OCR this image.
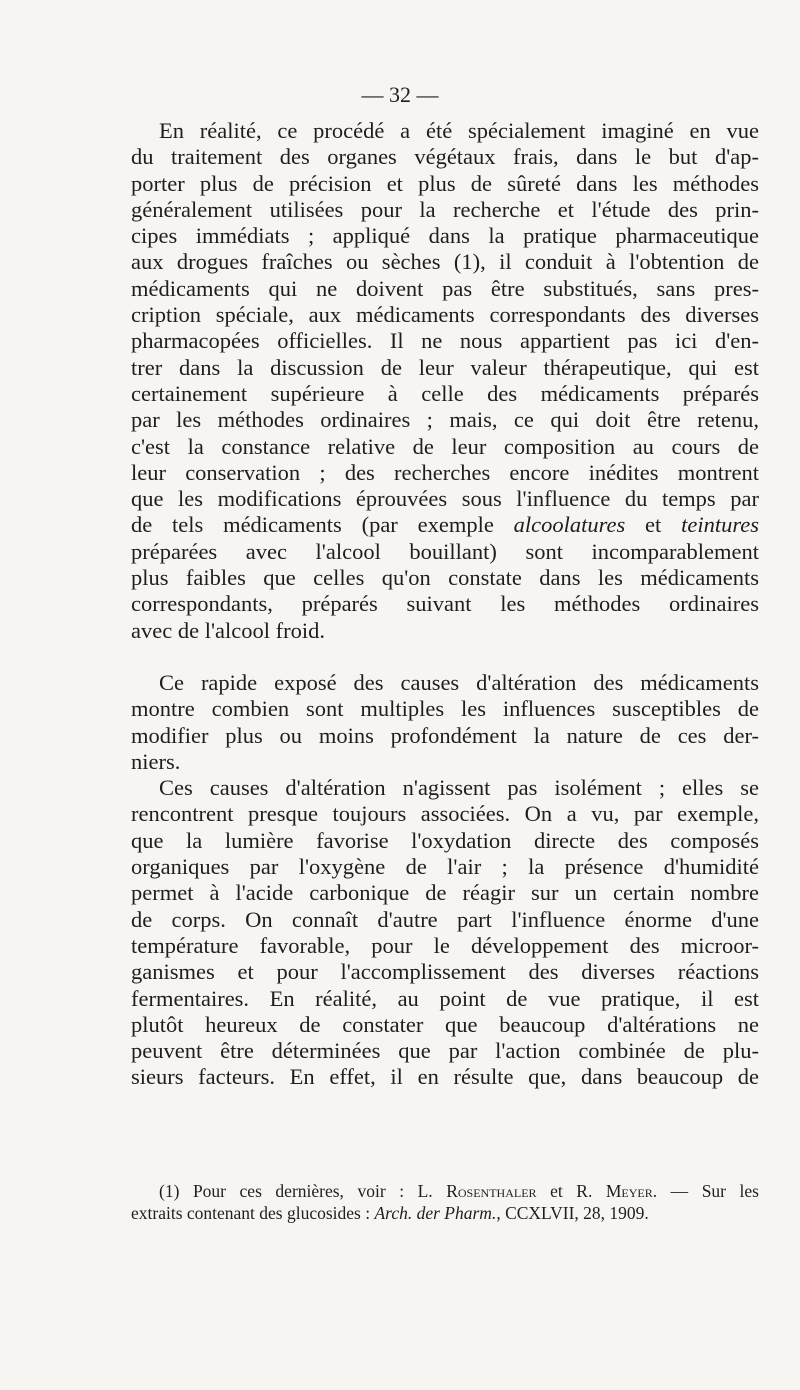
— 32 —
En réalité, ce procédé a été spécialement imaginé en vue
du traitement des organes végétaux frais, dans le but d'ap-
porter plus de précision et plus de sûreté dans les méthodes
généralement utilisées pour la recherche et l'étude des prin-
cipes immédiats ; appliqué dans la pratique pharmaceutique
aux drogues fraîches ou sèches (1), il conduit à l'obtention de
médicaments qui ne doivent pas être substitués, sans pres-
cription spéciale, aux médicaments correspondants des diverses
pharmacopées officielles. Il ne nous appartient pas ici d'en-
trer dans la discussion de leur valeur thérapeutique, qui est
certainement supérieure à celle des médicaments préparés
par les méthodes ordinaires ; mais, ce qui doit être retenu,
c'est la constance relative de leur composition au cours de
leur conservation ; des recherches encore inédites montrent
que les modifications éprouvées sous l'influence du temps par
de tels médicaments (par exemple alcoolatures et teintures
préparées avec l'alcool bouillant) sont incomparablement
plus faibles que celles qu'on constate dans les médicaments
correspondants, préparés suivant les méthodes ordinaires
avec de l'alcool froid.
Ce rapide exposé des causes d'altération des médicaments
montre combien sont multiples les influences susceptibles de
modifier plus ou moins profondément la nature de ces der-
niers.
Ces causes d'altération n'agissent pas isolément ; elles se
rencontrent presque toujours associées. On a vu, par exemple,
que la lumière favorise l'oxydation directe des composés
organiques par l'oxygène de l'air ; la présence d'humidité
permet à l'acide carbonique de réagir sur un certain nombre
de corps. On connaît d'autre part l'influence énorme d'une
température favorable, pour le développement des microor-
ganismes et pour l'accomplissement des diverses réactions
fermentaires. En réalité, au point de vue pratique, il est
plutôt heureux de constater que beaucoup d'altérations ne
peuvent être déterminées que par l'action combinée de plu-
sieurs facteurs. En effet, il en résulte que, dans beaucoup de
(1) Pour ces dernières, voir : L. Rosenthaler et R. Meyer. — Sur les
extraits contenant des glucosides : Arch. der Pharm., CCXLVII, 28, 1909.
